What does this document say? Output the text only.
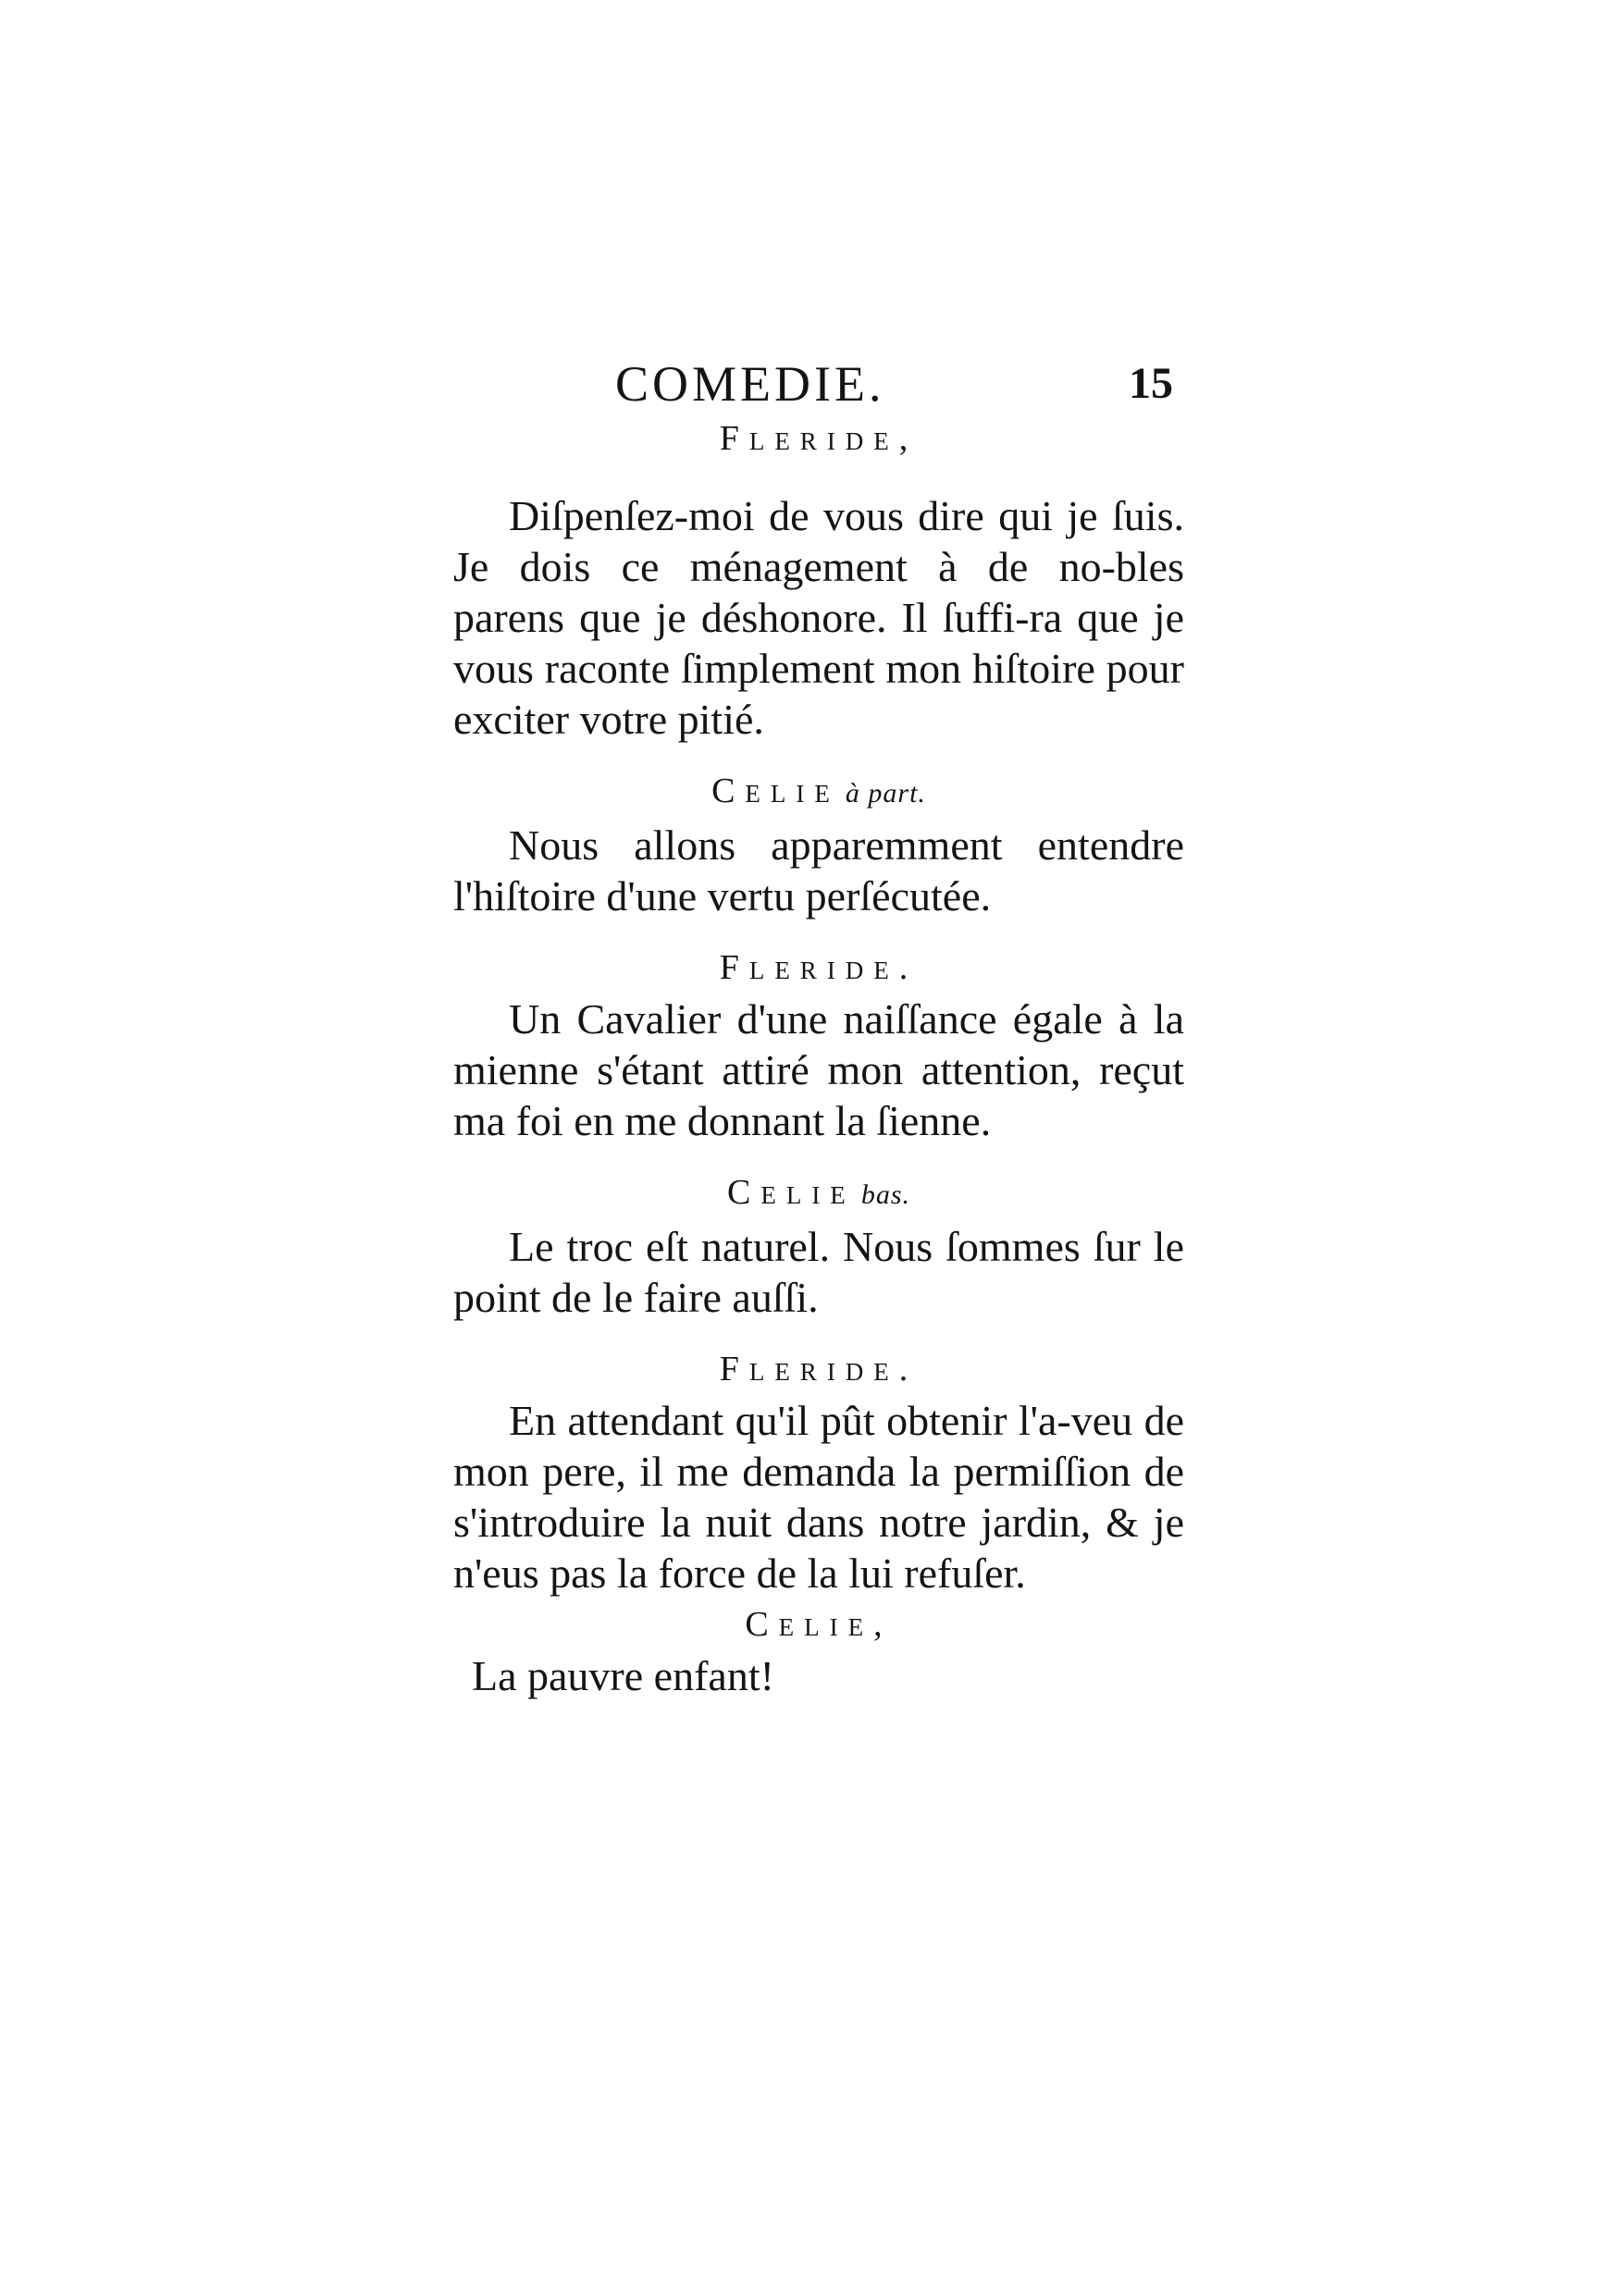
COMEDIE.	15

Fleride,

Diſpenſez-moi de vous dire qui je ſuis. Je dois ce ménagement à de no-bles parens que je déshonore. Il ſuffi-ra que je vous raconte ſimplement mon hiſtoire pour exciter votre pitié.

Celie à part.

Nous allons apparemment entendre l'hiſtoire d'une vertu perſécutée.

Fleride.

Un Cavalier d'une naiſſance égale à la mienne s'étant attiré mon attention, reçut ma foi en me donnant la ſienne.

Celie bas.

Le troc eſt naturel. Nous ſommes ſur le point de le faire auſſi.

Fleride.

En attendant qu'il pût obtenir l'a-veu de mon pere, il me demanda la permiſſion de s'introduire la nuit dans notre jardin, & je n'eus pas la force de la lui refuſer.

Celie,

La pauvre enfant!
